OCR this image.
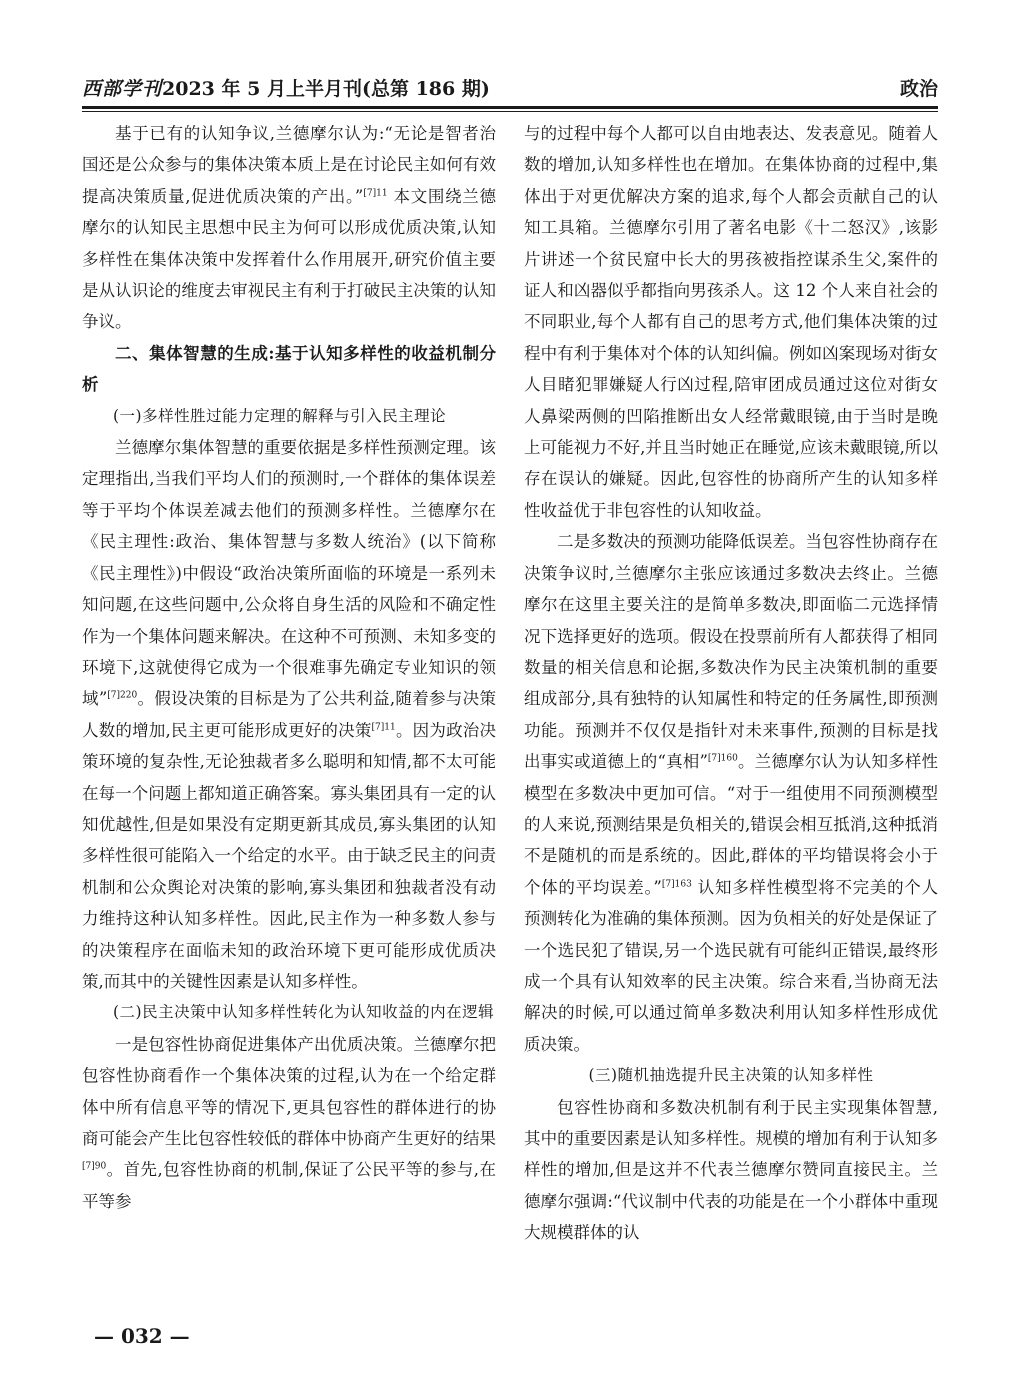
西部学刊2023 年 5 月上半月刊(总第 186 期)	政治

基于已有的认知争议,兰德摩尔认为:“无论是智者治国还是公众参与的集体决策本质上是在讨论民主如何有效提高决策质量,促进优质决策的产出。”$^{[7]11}$ 本文围绕兰德摩尔的认知民主思想中民主为何可以形成优质决策,认知多样性在集体决策中发挥着什么作用展开,研究价值主要是从认识论的维度去审视民主有利于打破民主决策的认知争议。

二、集体智慧的生成:基于认知多样性的收益机制分析

(一)多样性胜过能力定理的解释与引入民主理论

兰德摩尔集体智慧的重要依据是多样性预测定理。该定理指出,当我们平均人们的预测时,一个群体的集体误差等于平均个体误差减去他们的预测多样性。兰德摩尔在《民主理性:政治、集体智慧与多数人统治》(以下简称《民主理性》)中假设“政治决策所面临的环境是一系列未知问题,在这些问题中,公众将自身生活的风险和不确定性作为一个集体问题来解决。在这种不可预测、未知多变的环境下,这就使得它成为一个很难事先确定专业知识的领域”$^{[7]220}$。假设决策的目标是为了公共利益,随着参与决策人数的增加,民主更可能形成更好的决策$^{[7]11}$。因为政治决策环境的复杂性,无论独裁者多么聪明和知情,都不太可能在每一个问题上都知道正确答案。寡头集团具有一定的认知优越性,但是如果没有定期更新其成员,寡头集团的认知多样性很可能陷入一个给定的水平。由于缺乏民主的问责机制和公众舆论对决策的影响,寡头集团和独裁者没有动力维持这种认知多样性。因此,民主作为一种多数人参与的决策程序在面临未知的政治环境下更可能形成优质决策,而其中的关键性因素是认知多样性。

(二)民主决策中认知多样性转化为认知收益的内在逻辑

一是包容性协商促进集体产出优质决策。兰德摩尔把包容性协商看作一个集体决策的过程,认为在一个给定群体中所有信息平等的情况下,更具包容性的群体进行的协商可能会产生比包容性较低的群体中协商产生更好的结果$^{[7]90}$。首先,包容性协商的机制,保证了公民平等的参与,在平等参

与的过程中每个人都可以自由地表达、发表意见。随着人数的增加,认知多样性也在增加。在集体协商的过程中,集体出于对更优解决方案的追求,每个人都会贡献自己的认知工具箱。兰德摩尔引用了著名电影《十二怒汉》,该影片讲述一个贫民窟中长大的男孩被指控谋杀生父,案件的证人和凶器似乎都指向男孩杀人。这 12 个人来自社会的不同职业,每个人都有自己的思考方式,他们集体决策的过程中有利于集体对个体的认知纠偏。例如凶案现场对街女人目睹犯罪嫌疑人行凶过程,陪审团成员通过这位对街女人鼻梁两侧的凹陷推断出女人经常戴眼镜,由于当时是晚上可能视力不好,并且当时她正在睡觉,应该未戴眼镜,所以存在误认的嫌疑。因此,包容性的协商所产生的认知多样性收益优于非包容性的认知收益。

二是多数决的预测功能降低误差。当包容性协商存在决策争议时,兰德摩尔主张应该通过多数决去终止。兰德摩尔在这里主要关注的是简单多数决,即面临二元选择情况下选择更好的选项。假设在投票前所有人都获得了相同数量的相关信息和论据,多数决作为民主决策机制的重要组成部分,具有独特的认知属性和特定的任务属性,即预测功能。预测并不仅仅是指针对未来事件,预测的目标是找出事实或道德上的“真相”$^{[7]160}$。兰德摩尔认为认知多样性模型在多数决中更加可信。“对于一组使用不同预测模型的人来说,预测结果是负相关的,错误会相互抵消,这种抵消不是随机的而是系统的。因此,群体的平均错误将会小于个体的平均误差。”$^{[7]163}$ 认知多样性模型将不完美的个人预测转化为准确的集体预测。因为负相关的好处是保证了一个选民犯了错误,另一个选民就有可能纠正错误,最终形成一个具有认知效率的民主决策。综合来看,当协商无法解决的时候,可以通过简单多数决利用认知多样性形成优质决策。

(三)随机抽选提升民主决策的认知多样性

包容性协商和多数决机制有利于民主实现集体智慧,其中的重要因素是认知多样性。规模的增加有利于认知多样性的增加,但是这并不代表兰德摩尔赞同直接民主。兰德摩尔强调:“代议制中代表的功能是在一个小群体中重现大规模群体的认

— 032 —
